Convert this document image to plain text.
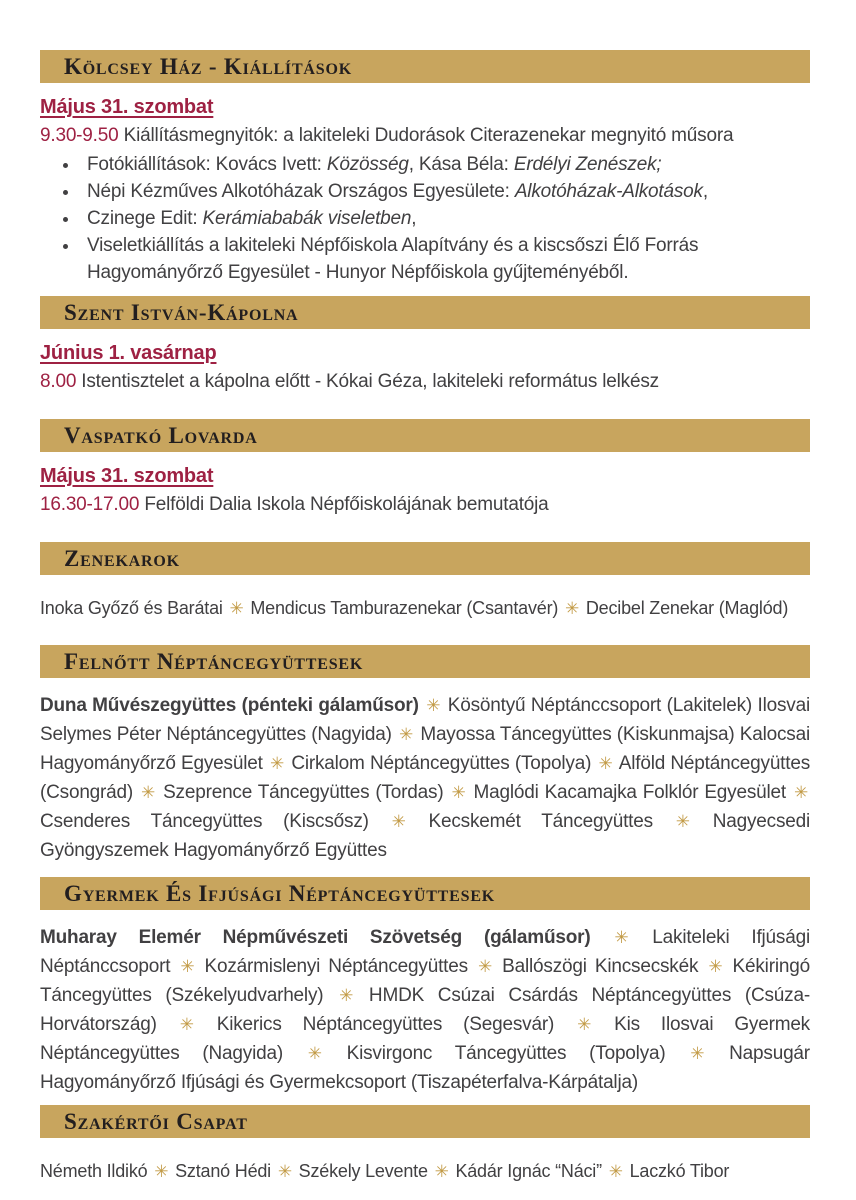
Kölcsey Ház - Kiállítások

Május 31. szombat

9.30-9.50 Kiállításmegnyitók: a lakiteleki Dudorások Citerazenekar megnyitó műsora

• Fotókiállítások: Kovács Ivett: Közösség, Kása Béla: Erdélyi Zenészek;
• Népi Kézműves Alkotóházak Országos Egyesülete: Alkotóházak-Alkotások,
• Czinege Edit: Kerámiababák viseletben,
• Viseletkiállítás a lakiteleki Népfőiskola Alapítvány és a kiscsőszi Élő Forrás Hagyományőrző Egyesület - Hunyor Népfőiskola gyűjteményéből.
Szent István-Kápolna

Június 1. vasárnap

8.00 Istentisztelet a kápolna előtt - Kókai Géza, lakiteleki református lelkész

Vaspatkó Lovarda

Május 31. szombat

16.30-17.00 Felföldi Dalia Iskola Népfőiskolájának bemutatója

Zenekarok

Inoka Győző és Barátai ✳ Mendicus Tamburazenekar (Csantavér) ✳ Decibel Zenekar (Maglód)

Felnőtt Néptáncegyüttesek

Duna Művészegyüttes (pénteki gálaműsor) ✳ Kösöntyű Néptánccsoport (Lakitelek) Ilosvai Selymes Péter Néptáncegyüttes (Nagyida) ✳ Mayossa Táncegyüttes (Kiskunmajsa) Kalocsai Hagyományőrző Egyesület ✳ Cirkalom Néptáncegyüttes (Topolya) ✳ Alföld Néptáncegyüttes (Csongrád) ✳ Szeprence Táncegyüttes (Tordas) ✳ Maglódi Kacamajka Folklór Egyesület ✳ Csenderes Táncegyüttes (Kiscsősz) ✳ Kecskemét Táncegyüttes ✳ Nagyecsedi Gyöngyszemek Hagyományőrző Együttes

Gyermek És Ifjúsági Néptáncegyüttesek

Muharay Elemér Népművészeti Szövetség (gálaműsor) ✳ Lakiteleki Ifjúsági Néptánccsoport ✳ Kozármislenyi Néptáncegyüttes ✳ Ballószögi Kincsecskék ✳ Kékiringó Táncegyüttes (Székelyudvarhely) ✳ HMDK Csúzai Csárdás Néptáncegyüttes (Csúza-Horvátország) ✳ Kikerics Néptáncegyüttes (Segesvár) ✳ Kis Ilosvai Gyermek Néptáncegyüttes (Nagyida) ✳ Kisvirgonc Táncegyüttes (Topolya) ✳ Napsugár Hagyományőrző Ifjúsági és Gyermekcsoport (Tiszapéterfalva-Kárpátalja)

Szakértői Csapat

Németh Ildikó ✳ Sztanó Hédi ✳ Székely Levente ✳ Kádár Ignác “Náci” ✳ Laczkó Tibor
